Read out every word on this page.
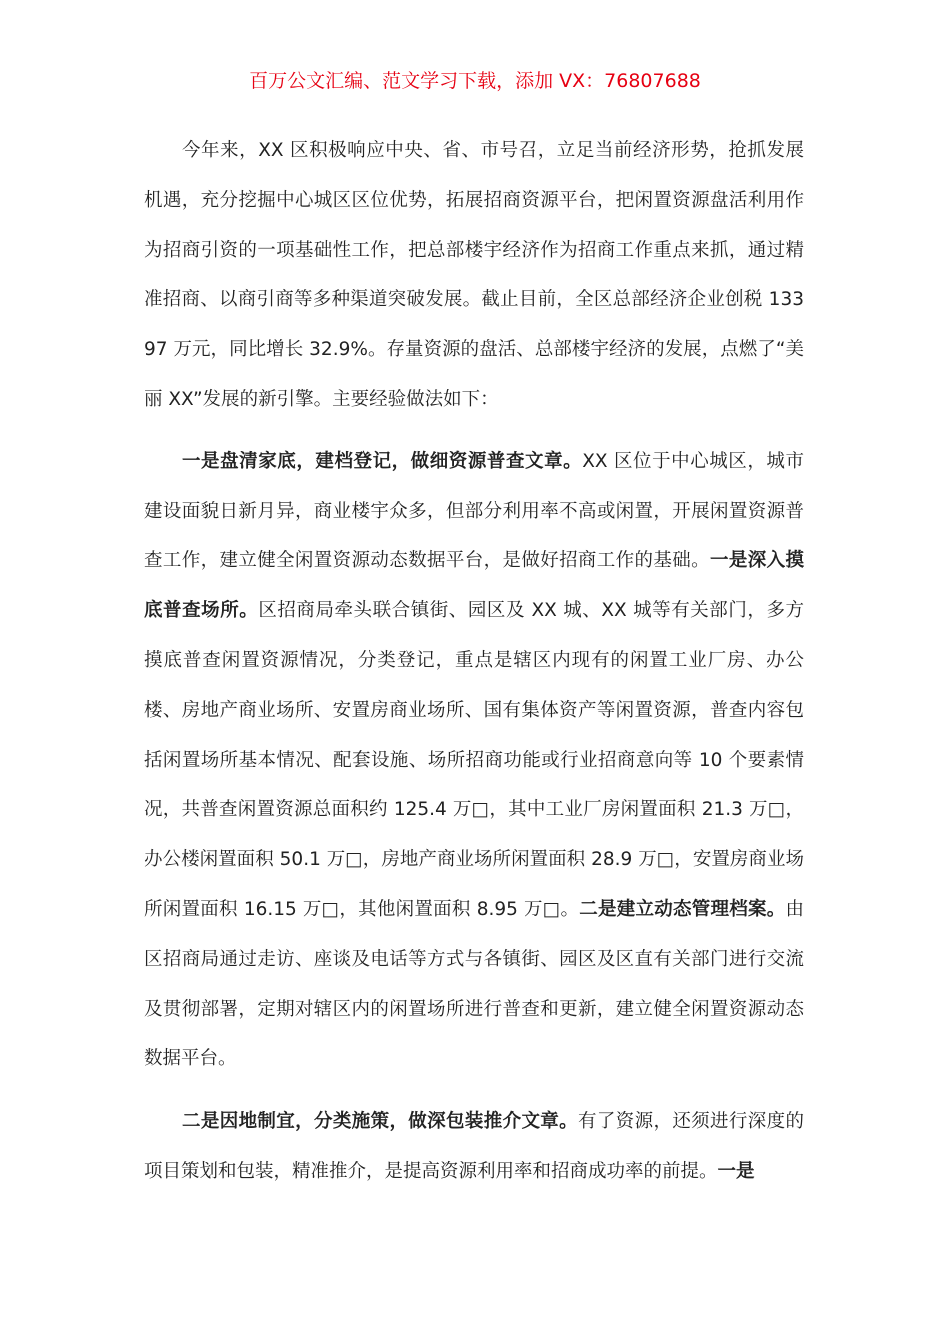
百万公文汇编、范文学习下载，添加 VX：76807688

今年来，XX 区积极响应中央、省、市号召，立足当前经济形势，抢抓发展机遇，充分挖掘中心城区区位优势，拓展招商资源平台，把闲置资源盘活利用作为招商引资的一项基础性工作，把总部楼宇经济作为招商工作重点来抓，通过精准招商、以商引商等多种渠道突破发展。截止目前，全区总部经济企业创税 13397 万元，同比增长 32.9%。存量资源的盘活、总部楼宇经济的发展，点燃了“美丽 XX”发展的新引擎。主要经验做法如下：

一是盘清家底，建档登记，做细资源普查文章。XX 区位于中心城区，城市建设面貌日新月异，商业楼宇众多，但部分利用率不高或闲置，开展闲置资源普查工作，建立健全闲置资源动态数据平台，是做好招商工作的基础。一是深入摸底普查场所。区招商局牵头联合镇街、园区及 XX 城、XX 城等有关部门，多方摸底普查闲置资源情况，分类登记，重点是辖区内现有的闲置工业厂房、办公楼、房地产商业场所、安置房商业场所、国有集体资产等闲置资源，普查内容包括闲置场所基本情况、配套设施、场所招商功能或行业招商意向等 10 个要素情况，共普查闲置资源总面积约 125.4 万□，其中工业厂房闲置面积 21.3 万□，办公楼闲置面积 50.1 万□，房地产商业场所闲置面积 28.9 万□，安置房商业场所闲置面积 16.15 万□，其他闲置面积 8.95 万□。二是建立动态管理档案。由区招商局通过走访、座谈及电话等方式与各镇街、园区及区直有关部门进行交流及贯彻部署，定期对辖区内的闲置场所进行普查和更新，建立健全闲置资源动态数据平台。

二是因地制宜，分类施策，做深包装推介文章。有了资源，还须进行深度的项目策划和包装，精准推介，是提高资源利用率和招商成功率的前提。一是
